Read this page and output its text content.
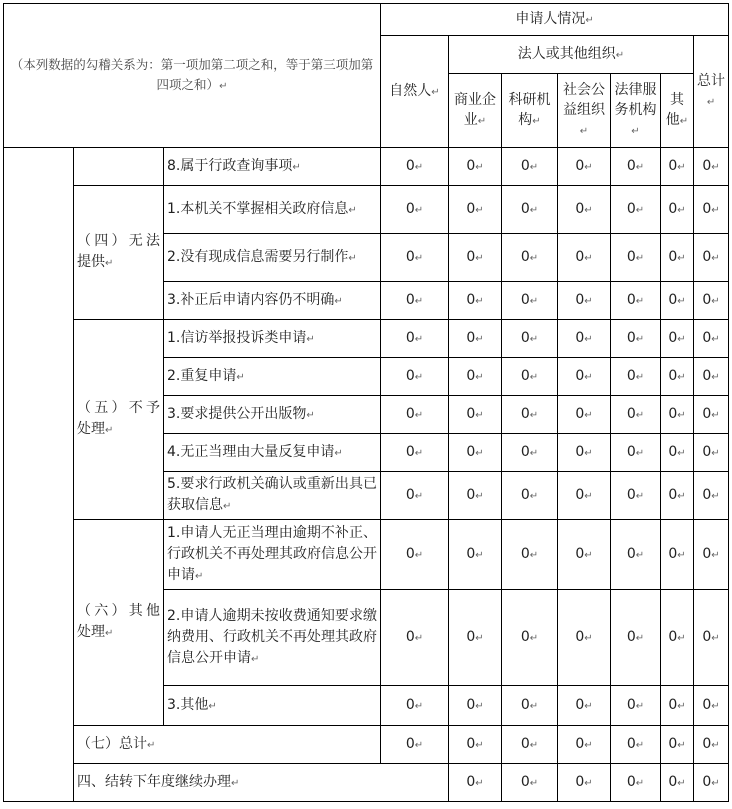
（本列数据的勾稽关系为：第一项加第二项之和，等于第三项加第四项之和）↵			申请人情况↵							
			自然人↵	法人或其他组织↵					总计↵	
				商业企业↵	科研机构↵	社会公益组织↵	法律服务机构↵	其他↵		
		8.属于行政查询事项↵	0↵	0↵	0↵	0↵	0↵	0↵	0↵	
	（四）无法提供↵	1.本机关不掌握相关政府信息↵	0↵	0↵	0↵	0↵	0↵	0↵	0↵	
		2.没有现成信息需要另行制作↵	0↵	0↵	0↵	0↵	0↵	0↵	0↵	
		3.补正后申请内容仍不明确↵	0↵	0↵	0↵	0↵	0↵	0↵	0↵	
	（五）不予处理↵	1.信访举报投诉类申请↵	0↵	0↵	0↵	0↵	0↵	0↵	0↵	
		2.重复申请↵	0↵	0↵	0↵	0↵	0↵	0↵	0↵	
		3.要求提供公开出版物↵	0↵	0↵	0↵	0↵	0↵	0↵	0↵	
		4.无正当理由大量反复申请↵	0↵	0↵	0↵	0↵	0↵	0↵	0↵	
		5.要求行政机关确认或重新出具已获取信息↵	0↵	0↵	0↵	0↵	0↵	0↵	0↵	
	（六）其他处理↵	1.申请人无正当理由逾期不补正、行政机关不再处理其政府信息公开申请↵	0↵	0↵	0↵	0↵	0↵	0↵	0↵	
		2.申请人逾期未按收费通知要求缴纳费用、行政机关不再处理其政府信息公开申请↵	0↵	0↵	0↵	0↵	0↵	0↵	0↵	
		3.其他↵	0↵	0↵	0↵	0↵	0↵	0↵	0↵	
	（七）总计↵		0↵	0↵	0↵	0↵	0↵	0↵	0↵	
	四、结转下年度继续办理↵			0↵	0↵	0↵	0↵	0↵	0↵	
